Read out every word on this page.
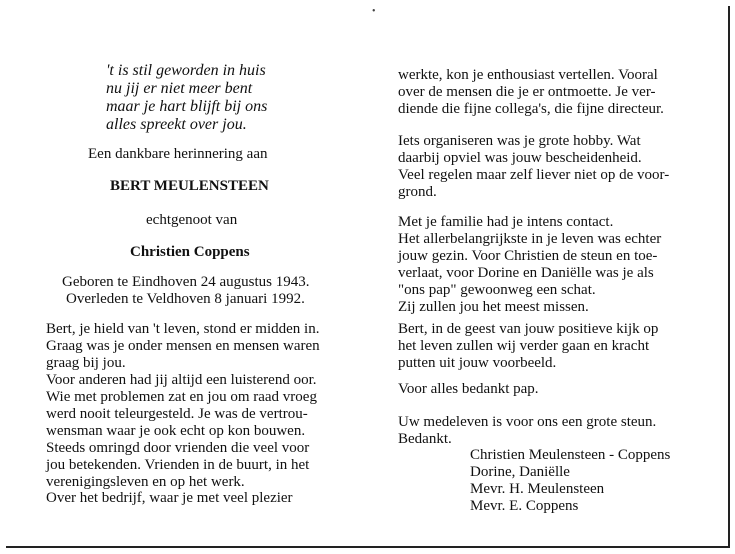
•
't is stil geworden in huis
nu jij er niet meer bent
maar je hart blijft bij ons
alles spreekt over jou.
Een dankbare herinnering aan
BERT MEULENSTEEN
echtgenoot van
Christien Coppens
Geboren te Eindhoven 24 augustus 1943.
Overleden te Veldhoven 8 januari 1992.
Bert, je hield van 't leven, stond er midden in.
Graag was je onder mensen en mensen waren
graag bij jou.
Voor anderen had jij altijd een luisterend oor.
Wie met problemen zat en jou om raad vroeg
werd nooit teleurgesteld. Je was de vertrou-
wensman waar je ook echt op kon bouwen.
Steeds omringd door vrienden die veel voor
jou betekenden. Vrienden in de buurt, in het
verenigingsleven en op het werk.
Over het bedrijf, waar je met veel plezier
werkte, kon je enthousiast vertellen. Vooral
over de mensen die je er ontmoette. Je ver-
diende die fijne collega's, die fijne directeur.
Iets organiseren was je grote hobby. Wat
daarbij opviel was jouw bescheidenheid.
Veel regelen maar zelf liever niet op de voor-
grond.
Met je familie had je intens contact.
Het allerbelangrijkste in je leven was echter
jouw gezin. Voor Christien de steun en toe-
verlaat, voor Dorine en Daniëlle was je als
"ons pap" gewoonweg een schat.
Zij zullen jou het meest missen.
Bert, in de geest van jouw positieve kijk op
het leven zullen wij verder gaan en kracht
putten uit jouw voorbeeld.
Voor alles bedankt pap.
Uw medeleven is voor ons een grote steun.
Bedankt.
Christien Meulensteen - Coppens
Dorine, Daniëlle
Mevr. H. Meulensteen
Mevr. E. Coppens
